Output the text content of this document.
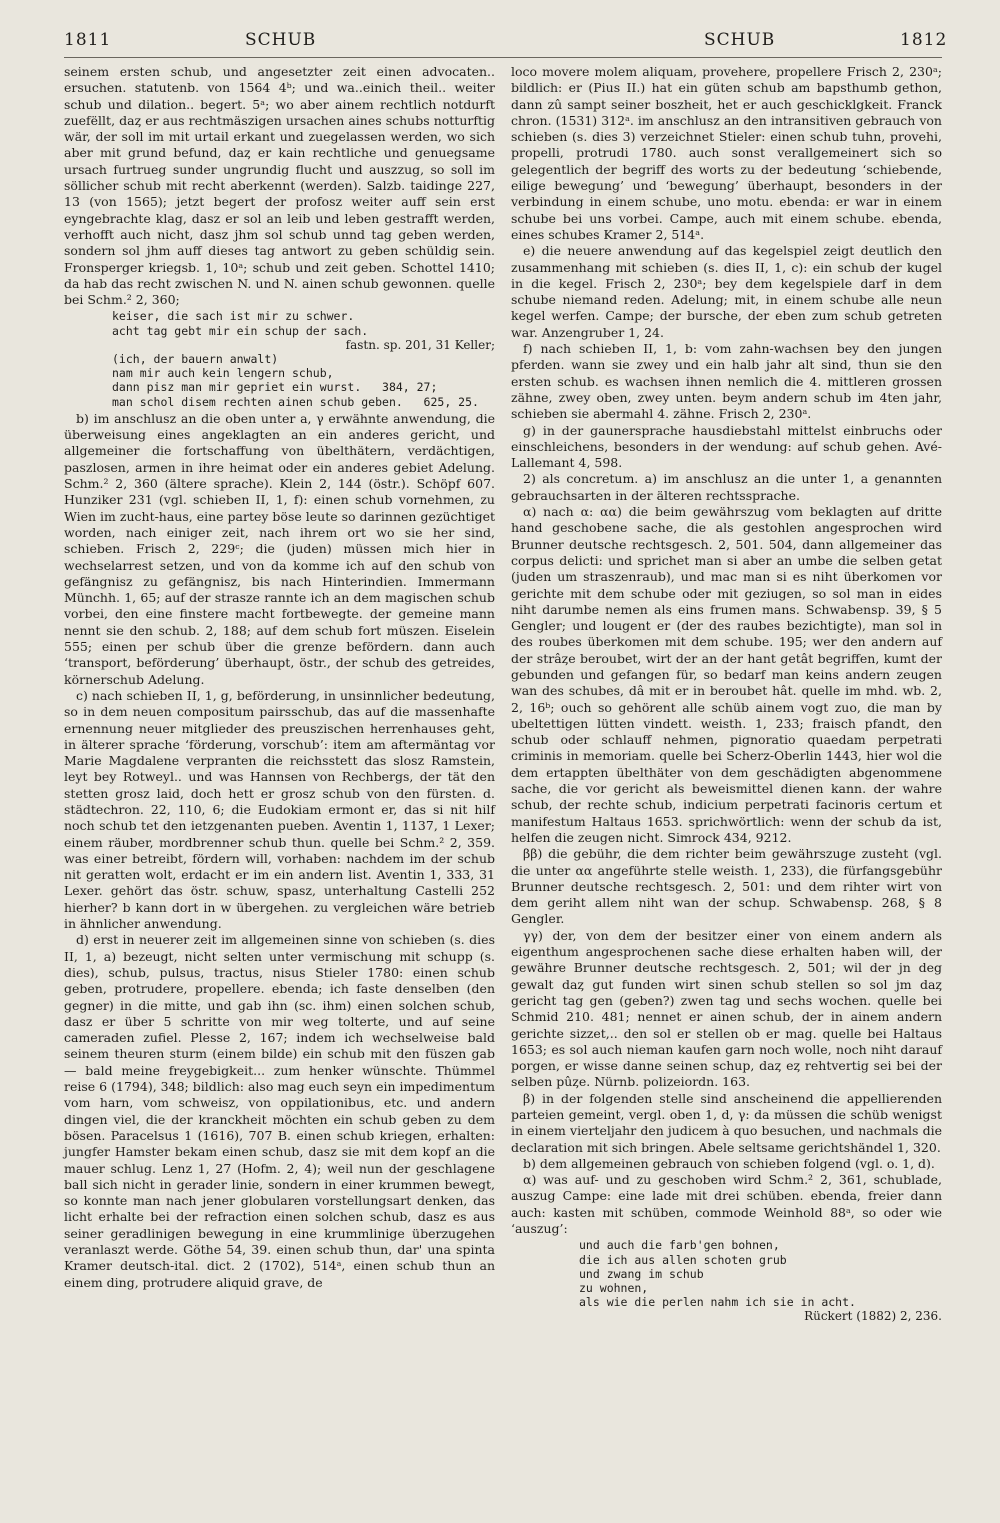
1811	SCHUB	SCHUB	1812

seinem ersten schub, und angesetzter zeit einen advocaten.. ersuchen. statutenb. von 1564 4ᵇ; und wa..einich theil.. weiter schub und dilation.. begert. 5ᵃ; wo aber ainem rechtlich notdurft zuefëllt, daȥ er aus rechtmäszigen ursachen aines schubs notturftig wär, der soll im mit urtail erkant und zuegelassen werden, wo sich aber mit grund befund, daȥ er kain rechtliche und genuegsame ursach furtrueg sunder ungrundig flucht und auszzug, so soll im söllicher schub mit recht aberkennt (werden). Salzb. taidinge 227, 13 (von 1565); jetzt begert der profosz weiter auff sein erst eyngebrachte klag, dasz er sol an leib und leben gestrafft werden, verhofft auch nicht, dasz jhm sol schub unnd tag geben werden, sondern sol jhm auff dieses tag antwort zu geben schüldig sein. Fronsperger kriegsb. 1, 10ᵃ; schub und zeit geben. Schottel 1410; da hab das recht zwischen N. und N. ainen schub gewonnen. quelle bei Schm.² 2, 360;

keiser, die sach ist mir zu schwer.
acht tag gebt mir ein schup der sach.
fastn. sp. 201, 31 Keller;
(ich, der bauern anwalt)
nam mir auch kein lengern schub,
dann pisz man mir gepriet ein wurst.   384, 27;
man schol disem rechten ainen schub geben.   625, 25.

b) im anschlusz an die oben unter a, γ erwähnte anwendung, die überweisung eines angeklagten an ein anderes gericht, und allgemeiner die fortschaffung von übelthätern, verdächtigen, paszlosen, armen in ihre heimat oder ein anderes gebiet Adelung. Schm.² 2, 360 (ältere sprache). Klein 2, 144 (östr.). Schöpf 607. Hunziker 231 (vgl. schieben II, 1, f): einen schub vornehmen, zu Wien im zucht-haus, eine partey böse leute so darinnen gezüchtiget worden, nach einiger zeit, nach ihrem ort wo sie her sind, schieben. Frisch 2, 229ᶜ; die (juden) müssen mich hier in wechselarrest setzen, und von da komme ich auf den schub von gefängnisz zu gefängnisz, bis nach Hinterindien. Immermann Münchh. 1, 65; auf der strasze rannte ich an dem magischen schub vorbei, den eine finstere macht fortbewegte. der gemeine mann nennt sie den schub. 2, 188; auf dem schub fort müszen. Eiselein 555; einen per schub über die grenze befördern. dann auch ‘transport, beförderung’ überhaupt, östr., der schub des getreides, körnerschub Adelung.

c) nach schieben II, 1, g, beförderung, in unsinnlicher bedeutung, so in dem neuen compositum pairsschub, das auf die massenhafte ernennung neuer mitglieder des preuszischen herrenhauses geht, in älterer sprache ‘förderung, vorschub’: item am aftermäntag vor Marie Magdalene verpranten die reichsstett das slosz Ramstein, leyt bey Rotweyl.. und was Hannsen von Rechbergs, der tät den stetten grosz laid, doch hett er grosz schub von den fürsten. d. städtechron. 22, 110, 6; die Eudokiam ermont er, das si nit hilf noch schub tet den ietzgenanten pueben. Aventin 1, 1137, 1 Lexer; einem räuber, mordbrenner schub thun. quelle bei Schm.² 2, 359. was einer betreibt, fördern will, vorhaben: nachdem im der schub nit geratten wolt, erdacht er im ein andern list. Aventin 1, 333, 31 Lexer. gehört das östr. schuw, spasz, unterhaltung Castelli 252 hierher? b kann dort in w übergehen. zu vergleichen wäre betrieb in ähnlicher anwendung.

d) erst in neuerer zeit im allgemeinen sinne von schieben (s. dies II, 1, a) bezeugt, nicht selten unter vermischung mit schupp (s. dies), schub, pulsus, tractus, nisus Stieler 1780: einen schub geben, protrudere, propellere. ebenda; ich faste denselben (den gegner) in die mitte, und gab ihn (sc. ihm) einen solchen schub, dasz er über 5 schritte von mir weg tolterte, und auf seine cameraden zufiel. Plesse 2, 167; indem ich wechselweise bald seinem theuren sturm (einem bilde) ein schub mit den füszen gab — bald meine freygebigkeit... zum henker wünschte. Thümmel reise 6 (1794), 348; bildlich: also mag euch seyn ein impedimentum vom harn, vom schweisz, von oppilationibus, etc. und andern dingen viel, die der kranckheit möchten ein schub geben zu dem bösen. Paracelsus 1 (1616), 707 B. einen schub kriegen, erhalten: jungfer Hamster bekam einen schub, dasz sie mit dem kopf an die mauer schlug. Lenz 1, 27 (Hofm. 2, 4); weil nun der geschlagene ball sich nicht in gerader linie, sondern in einer krummen bewegt, so konnte man nach jener globularen vorstellungsart denken, das licht erhalte bei der refraction einen solchen schub, dasz es aus seiner geradlinigen bewegung in eine krummlinige überzugehen veranlaszt werde. Göthe 54, 39. einen schub thun, dar' una spinta Kramer deutsch-ital. dict. 2 (1702), 514ᵃ, einen schub thun an einem ding, protrudere aliquid grave, de

loco movere molem aliquam, provehere, propellere Frisch 2, 230ᵃ; bildlich: er (Pius II.) hat ein güten schub am bapsthumb gethon, dann zû sampt seiner boszheit, het er auch geschicklgkeit. Franck chron. (1531) 312ᵃ. im anschlusz an den intransitiven gebrauch von schieben (s. dies 3) verzeichnet Stieler: einen schub tuhn, provehi, propelli, protrudi 1780. auch sonst verallgemeinert sich so gelegentlich der begriff des worts zu der bedeutung ‘schiebende, eilige bewegung’ und ‘bewegung’ überhaupt, besonders in der verbindung in einem schube, uno motu. ebenda: er war in einem schube bei uns vorbei. Campe, auch mit einem schube. ebenda, eines schubes Kramer 2, 514ᵃ.

e) die neuere anwendung auf das kegelspiel zeigt deutlich den zusammenhang mit schieben (s. dies II, 1, c): ein schub der kugel in die kegel. Frisch 2, 230ᵃ; bey dem kegelspiele darf in dem schube niemand reden. Adelung; mit, in einem schube alle neun kegel werfen. Campe; der bursche, der eben zum schub getreten war. Anzengruber 1, 24.

f) nach schieben II, 1, b: vom zahn-wachsen bey den jungen pferden. wann sie zwey und ein halb jahr alt sind, thun sie den ersten schub. es wachsen ihnen nemlich die 4. mittleren grossen zähne, zwey oben, zwey unten. beym andern schub im 4ten jahr, schieben sie abermahl 4. zähne. Frisch 2, 230ᵃ.

g) in der gaunersprache hausdiebstahl mittelst einbruchs oder einschleichens, besonders in der wendung: auf schub gehen. Avé-Lallemant 4, 598.

2) als concretum. a) im anschlusz an die unter 1, a genannten gebrauchsarten in der älteren rechtssprache.

α) nach α: αα) die beim gewährszug vom beklagten auf dritte hand geschobene sache, die als gestohlen angesprochen wird Brunner deutsche rechtsgesch. 2, 501. 504, dann allgemeiner das corpus delicti: und sprichet man si aber an umbe die selben getat (juden um straszenraub), und mac man si es niht überkomen vor gerichte mit dem schube oder mit geziugen, so sol man in eides niht darumbe nemen als eins frumen mans. Schwabensp. 39, § 5 Gengler; und lougent er (der des raubes bezichtigte), man sol in des roubes überkomen mit dem schube. 195; wer den andern auf der strâȥe beroubet, wirt der an der hant getât begriffen, kumt der gebunden und gefangen für, so bedarf man keins andern zeugen wan des schubes, dâ mit er in beroubet hât. quelle im mhd. wb. 2, 2, 16ᵇ; ouch so gehörent alle schüb ainem vogt zuo, die man by ubeltettigen lütten vindett. weisth. 1, 233; fraisch pfandt, den schub oder schlauff nehmen, pignoratio quaedam perpetrati criminis in memoriam. quelle bei Scherz-Oberlin 1443, hier wol die dem ertappten übelthäter von dem geschädigten abgenommene sache, die vor gericht als beweismittel dienen kann. der wahre schub, der rechte schub, indicium perpetrati facinoris certum et manifestum Haltaus 1653. sprichwörtlich: wenn der schub da ist, helfen die zeugen nicht. Simrock 434, 9212.

ββ) die gebühr, die dem richter beim gewährszuge zusteht (vgl. die unter αα angeführte stelle weisth. 1, 233), die fürfangsgebühr Brunner deutsche rechtsgesch. 2, 501: und dem rihter wirt von dem geriht allem niht wan der schup. Schwabensp. 268, § 8 Gengler.

γγ) der, von dem der besitzer einer von einem andern als eigenthum angesprochenen sache diese erhalten haben will, der gewähre Brunner deutsche rechtsgesch. 2, 501; wil der jn deg gewalt daȥ gut funden wirt sinen schub stellen so sol jm daȥ gericht tag gen (geben?) zwen tag und sechs wochen. quelle bei Schmid 210. 481; nennet er ainen schub, der in ainem andern gerichte sizzet,.. den sol er stellen ob er mag. quelle bei Haltaus 1653; es sol auch nieman kaufen garn noch wolle, noch niht darauf porgen, er wisse danne seinen schup, daȥ eȥ rehtvertig sei bei der selben pûȥe. Nürnb. polizeiordn. 163.

β) in der folgenden stelle sind anscheinend die appellierenden parteien gemeint, vergl. oben 1, d, γ: da müssen die schüb wenigst in einem vierteljahr den judicem à quo besuchen, und nachmals die declaration mit sich bringen. Abele seltsame gerichtshändel 1, 320.

b) dem allgemeinen gebrauch von schieben folgend (vgl. o. 1, d).

α) was auf- und zu geschoben wird Schm.² 2, 361, schublade, auszug Campe: eine lade mit drei schüben. ebenda, freier dann auch: kasten mit schüben, commode Weinhold 88ᵃ, so oder wie ‘auszug’:

und auch die farb'gen bohnen,
die ich aus allen schoten grub
und zwang im schub
zu wohnen,
als wie die perlen nahm ich sie in acht.
Rückert (1882) 2, 236.
